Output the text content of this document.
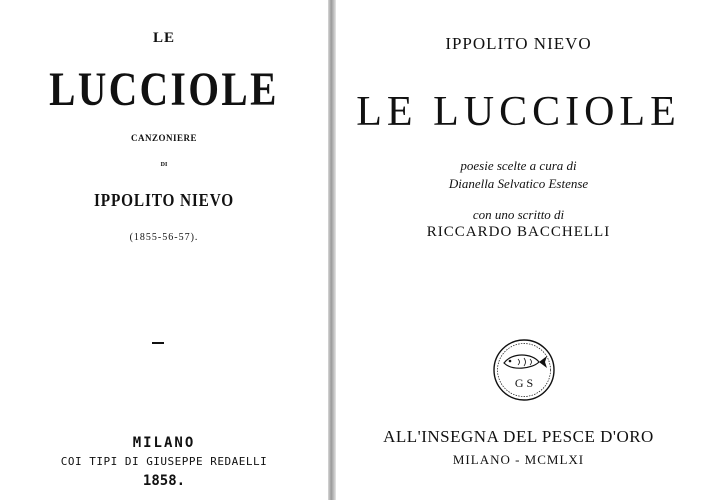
LE
LUCCIOLE
CANZONIERE
DI
IPPOLITO NIEVO
(1855-56-57).
MILANO
COI TIPI DI GIUSEPPE REDAELLI
1858.
IPPOLITO NIEVO
LE LUCCIOLE
poesie scelte a cura di
Dianella Selvatico Estense
con uno scritto di
RICCARDO BACCHELLI
G S
ALL'INSEGNA DEL PESCE D'ORO
MILANO - MCMLXI
